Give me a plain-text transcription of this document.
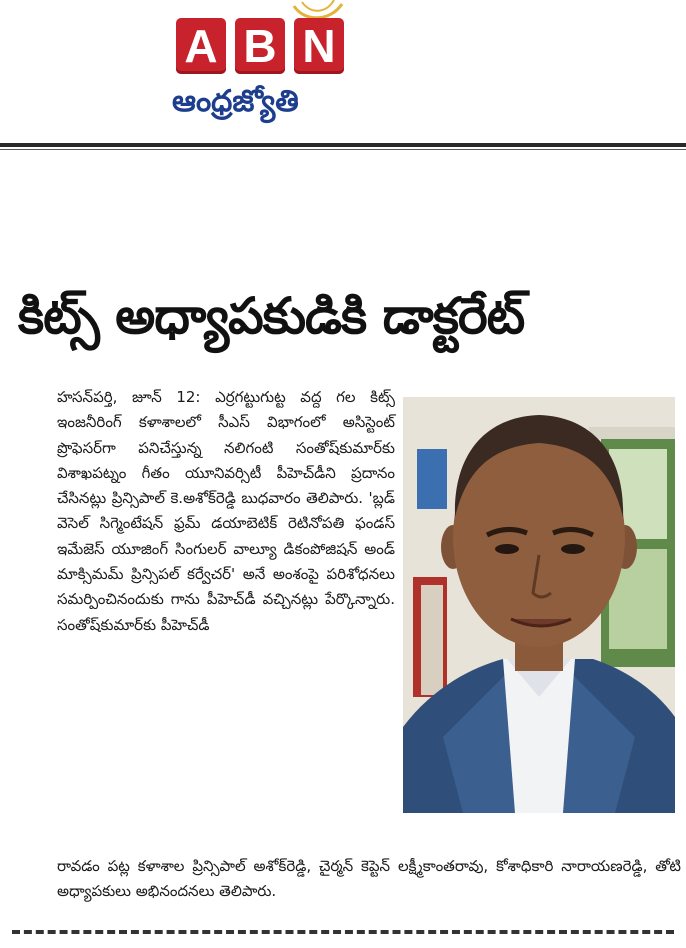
A B N
ఆంధ్రజ్యోతి
కిట్స్ అధ్యాపకుడికి డాక్టరేట్
హసన్‌పర్తి, జూన్ 12: ఎర్రగట్టుగుట్ట వద్ద గల కిట్స్ ఇంజనీరింగ్ కళాశాలలో సీఎస్ విభాగంలో అసిస్టెంట్ ప్రొఫెసర్‌గా పనిచేస్తున్న నలిగంటి సంతోష్‌కుమార్‌కు విశాఖపట్నం గీతం యూనివర్సిటీ పీహెచ్‌డీని ప్రదానం చేసినట్లు ప్రిన్సిపాల్ కె.అశోక్‌రెడ్డి బుధవారం తెలిపారు. 'బ్లడ్ వెసెల్ సిగ్మెంటేషన్ ఫ్రమ్ డయాబెటిక్ రెటినోపతి ఫండస్ ఇమేజెస్ యూజింగ్ సింగులర్ వాల్యూ డికంపోజిషన్ అండ్ మాక్సిమమ్ ప్రిన్సిపల్ కర్వేచర్' అనే అంశంపై పరిశోధనలు సమర్పించినందుకు గాను పీహెచ్‌డీ వచ్చినట్లు పేర్కొన్నారు. సంతోష్‌కుమార్‌కు పీహెచ్‌డీ
రావడం పట్ల కళాశాల ప్రిన్సిపాల్ అశోక్‌రెడ్డి, చైర్మన్ కెప్టెన్ లక్ష్మీకాంతరావు, కోశాధికారి నారాయణరెడ్డి, తోటి అధ్యాపకులు అభినందనలు తెలిపారు.
